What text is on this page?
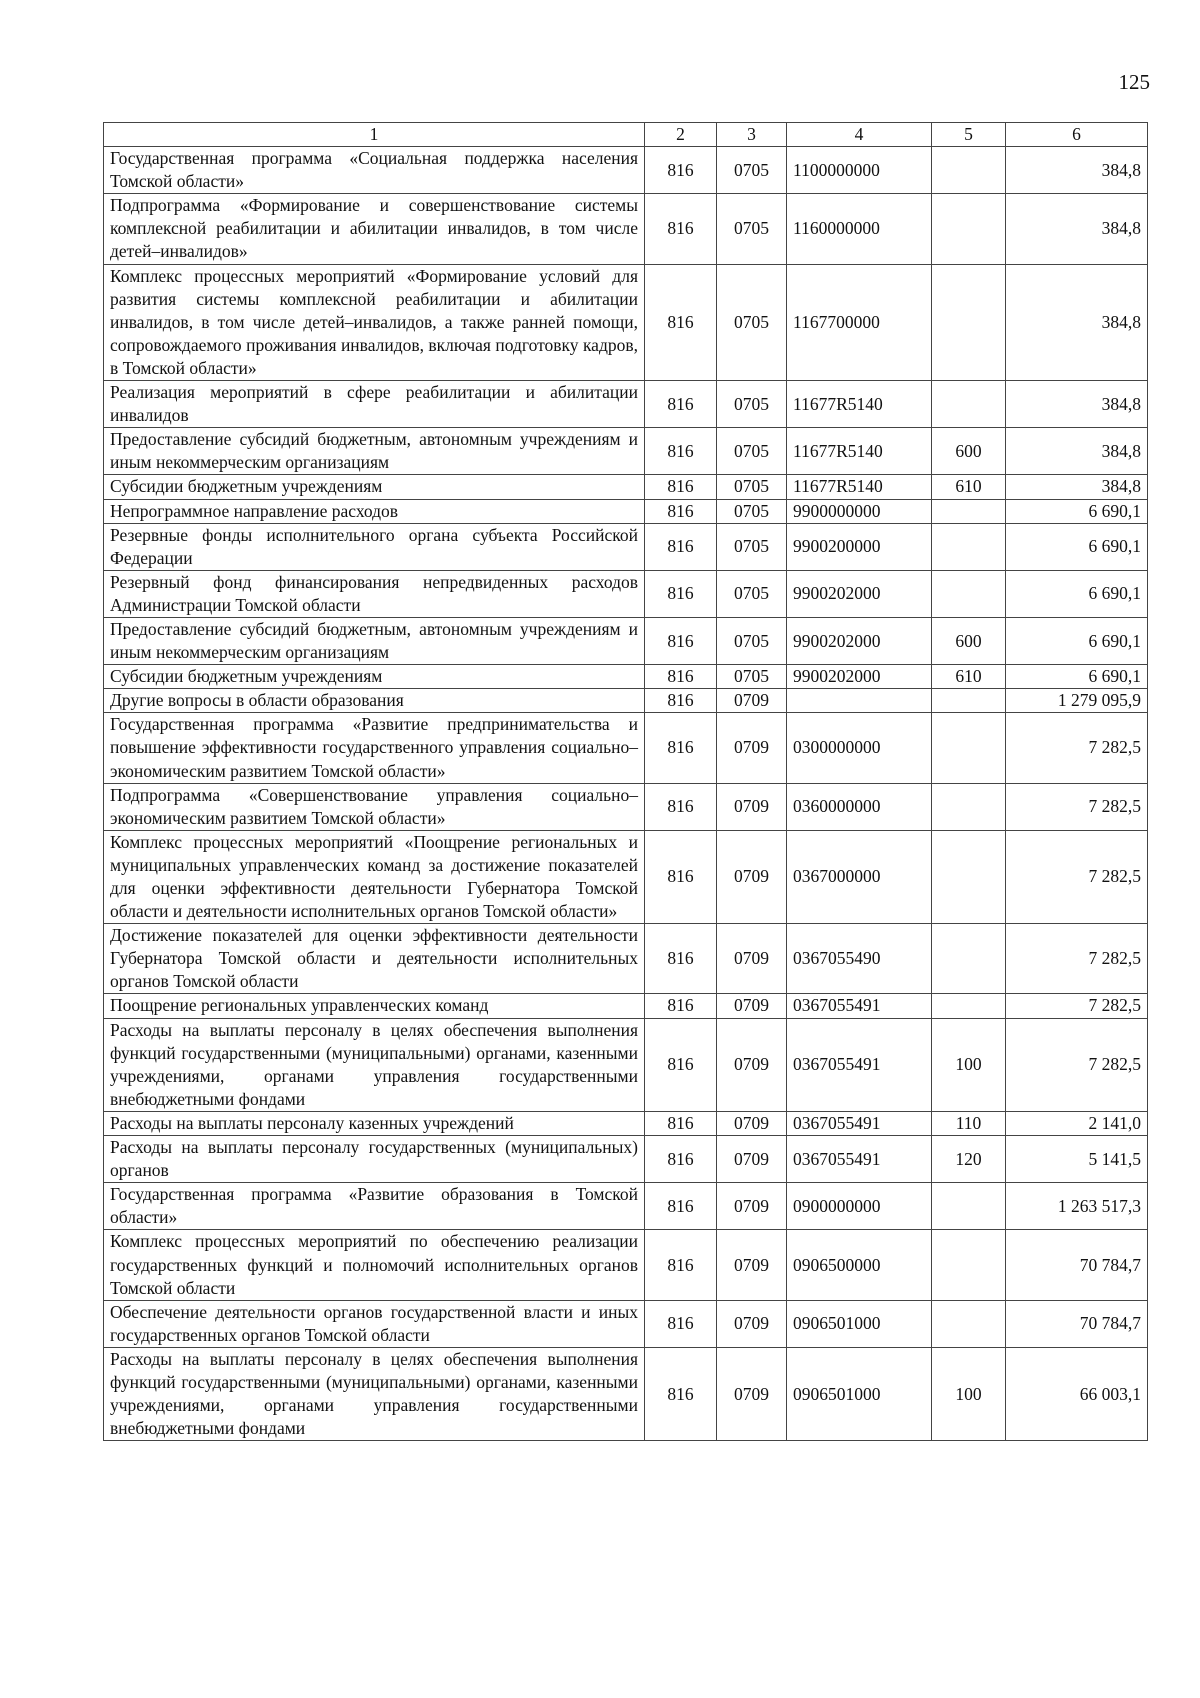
125
1	2	3	4	5	6
Государственная программа «Социальная поддержка населения Томской области»	816	0705	1100000000		384,8
Подпрограмма «Формирование и совершенствование системы комплексной реабилитации и абилитации инвалидов, в том числе детей–инвалидов»	816	0705	1160000000		384,8
Комплекс процессных мероприятий «Формирование условий для развития системы комплексной реабилитации и абилитации инвалидов, в том числе детей–инвалидов, а также ранней помощи, сопровождаемого проживания инвалидов, включая подготовку кадров, в Томской области»	816	0705	1167700000		384,8
Реализация мероприятий в сфере реабилитации и абилитации инвалидов	816	0705	11677R5140		384,8
Предоставление субсидий бюджетным, автономным учреждениям и иным некоммерческим организациям	816	0705	11677R5140	600	384,8
Субсидии бюджетным учреждениям	816	0705	11677R5140	610	384,8
Непрограммное направление расходов	816	0705	9900000000		6 690,1
Резервные фонды исполнительного органа субъекта Российской Федерации	816	0705	9900200000		6 690,1
Резервный фонд финансирования непредвиденных расходов Администрации Томской области	816	0705	9900202000		6 690,1
Предоставление субсидий бюджетным, автономным учреждениям и иным некоммерческим организациям	816	0705	9900202000	600	6 690,1
Субсидии бюджетным учреждениям	816	0705	9900202000	610	6 690,1
Другие вопросы в области образования	816	0709			1 279 095,9
Государственная программа «Развитие предпринимательства и повышение эффективности государственного управления социально–экономическим развитием Томской области»	816	0709	0300000000		7 282,5
Подпрограмма «Совершенствование управления социально–экономическим развитием Томской области»	816	0709	0360000000		7 282,5
Комплекс процессных мероприятий «Поощрение региональных и муниципальных управленческих команд за достижение показателей для оценки эффективности деятельности Губернатора Томской области и деятельности исполнительных органов Томской области»	816	0709	0367000000		7 282,5
Достижение показателей для оценки эффективности деятельности Губернатора Томской области и деятельности исполнительных органов Томской области	816	0709	0367055490		7 282,5
Поощрение региональных управленческих команд	816	0709	0367055491		7 282,5
Расходы на выплаты персоналу в целях обеспечения выполнения функций государственными (муниципальными) органами, казенными учреждениями, органами управления государственными внебюджетными фондами	816	0709	0367055491	100	7 282,5
Расходы на выплаты персоналу казенных учреждений	816	0709	0367055491	110	2 141,0
Расходы на выплаты персоналу государственных (муниципальных) органов	816	0709	0367055491	120	5 141,5
Государственная программа «Развитие образования в Томской области»	816	0709	0900000000		1 263 517,3
Комплекс процессных мероприятий по обеспечению реализации государственных функций и полномочий исполнительных органов Томской области	816	0709	0906500000		70 784,7
Обеспечение деятельности органов государственной власти и иных государственных органов Томской области	816	0709	0906501000		70 784,7
Расходы на выплаты персоналу в целях обеспечения выполнения функций государственными (муниципальными) органами, казенными учреждениями, органами управления государственными внебюджетными фондами	816	0709	0906501000	100	66 003,1
